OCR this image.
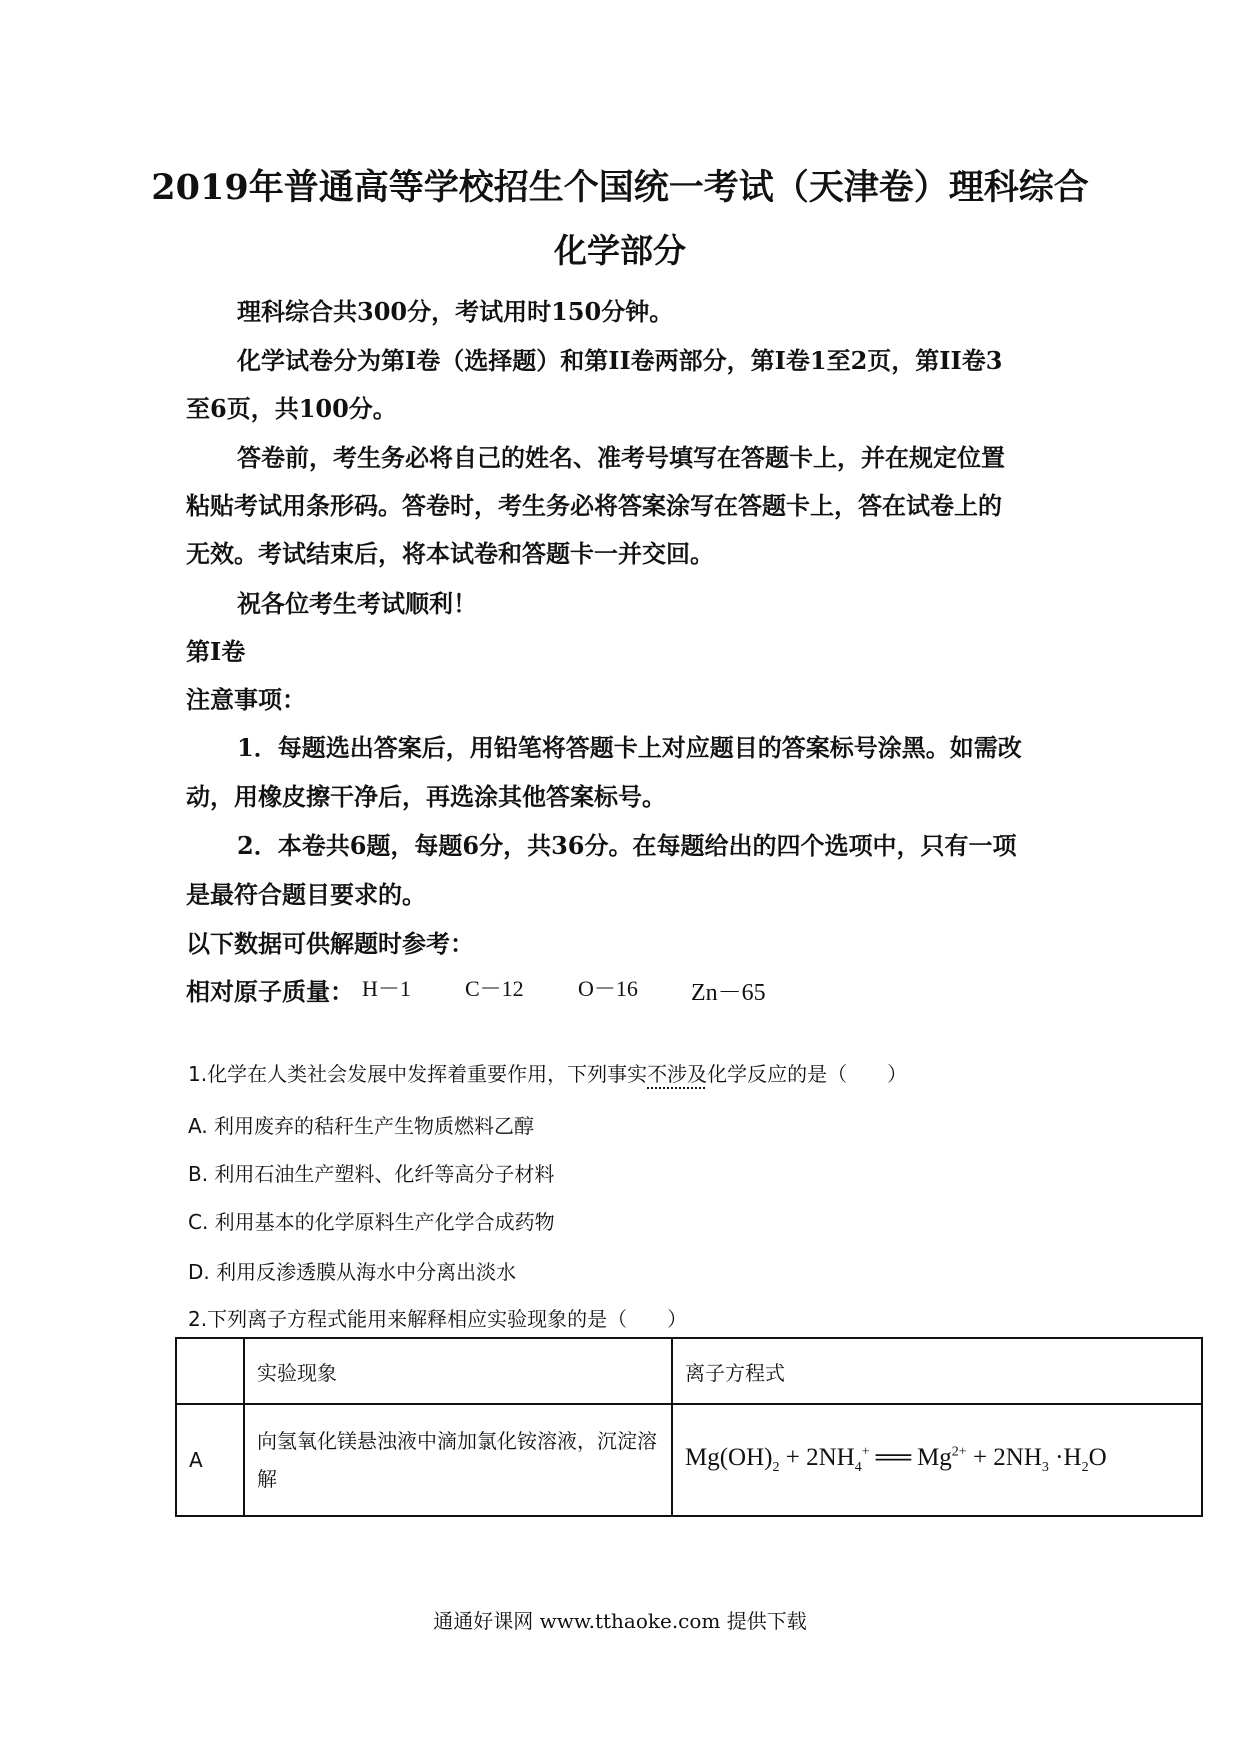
2019年普通高等学校招生个国统一考试（天津卷）理科综合
化学部分
理科综合共300分，考试用时150分钟。
化学试卷分为第I卷（选择题）和第II卷两部分，第I卷1至2页，第II卷3
至6页，共100分。
答卷前，考生务必将自己的姓名、准考号填写在答题卡上，并在规定位置
粘贴考试用条形码。答卷时，考生务必将答案涂写在答题卡上，答在试卷上的
无效。考试结束后，将本试卷和答题卡一并交回。
祝各位考生考试顺利！
第I卷
注意事项：
1．每题选出答案后，用铅笔将答题卡上对应题目的答案标号涂黑。如需改
动，用橡皮擦干净后，再选涂其他答案标号。
2．本卷共6题，每题6分，共36分。在每题给出的四个选项中，只有一项
是最符合题目要求的。
以下数据可供解题时参考：
相对原子质量： H－1 C－12 O－16 Zn－65
1.化学在人类社会发展中发挥着重要作用，下列事实不涉及化学反应的是（　　）
A. 利用废弃的秸秆生产生物质燃料乙醇
B. 利用石油生产塑料、化纤等高分子材料
C. 利用基本的化学原料生产化学合成药物
D. 利用反渗透膜从海水中分离出淡水
2.下列离子方程式能用来解释相应实验现象的是（　　）
	实验现象	离子方程式
A	向氢氧化镁悬浊液中滴加氯化铵溶液，沉淀溶解	$Mg(OH)_2 + 2NH_4^+$ ══ $Mg^{2+} + 2NH_3 \cdot H_2O$
通通好课网 www.tthaoke.com 提供下载
